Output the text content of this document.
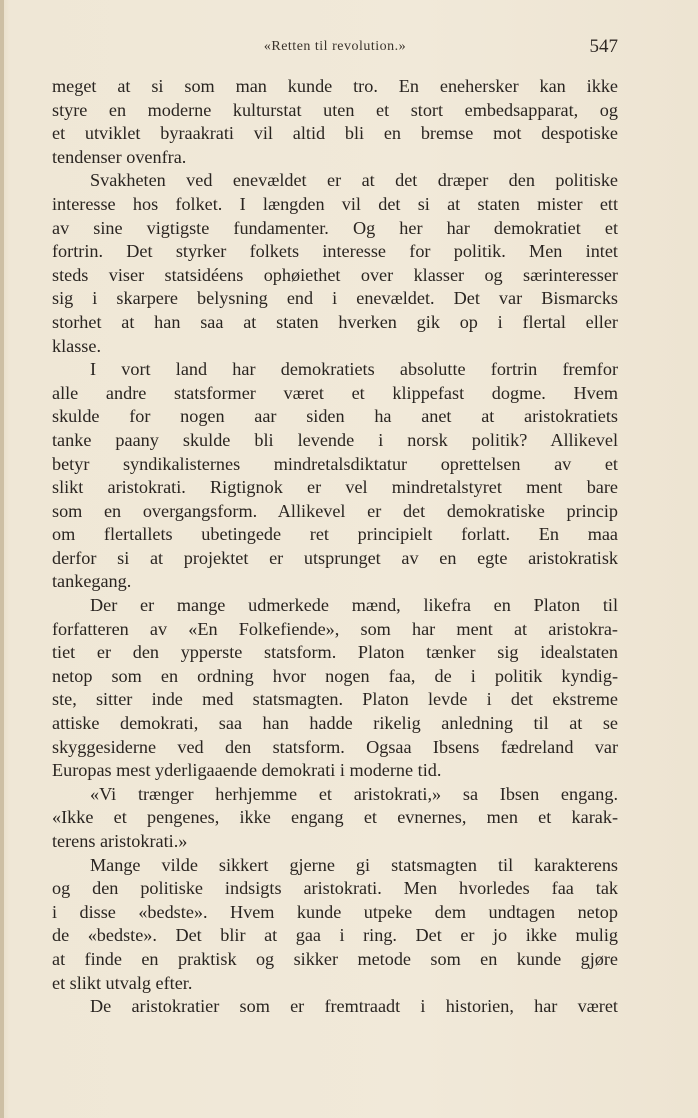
«Retten til revolution.»	547
meget at si som man kunde tro. En enehersker kan ikke
styre en moderne kulturstat uten et stort embedsapparat, og
et utviklet byraakrati vil altid bli en bremse mot despotiske
tendenser ovenfra.
Svakheten ved enevældet er at det dræper den politiske
interesse hos folket. I længden vil det si at staten mister ett
av sine vigtigste fundamenter. Og her har demokratiet et
fortrin. Det styrker folkets interesse for politik. Men intet
steds viser statsidéens ophøiethet over klasser og særinteresser
sig i skarpere belysning end i enevældet. Det var Bismarcks
storhet at han saa at staten hverken gik op i flertal eller
klasse.
I vort land har demokratiets absolutte fortrin fremfor
alle andre statsformer været et klippefast dogme. Hvem
skulde for nogen aar siden ha anet at aristokratiets
tanke paany skulde bli levende i norsk politik? Allikevel
betyr syndikalisternes mindretalsdiktatur oprettelsen av et
slikt aristokrati. Rigtignok er vel mindretalstyret ment bare
som en overgangsform. Allikevel er det demokratiske princip
om flertallets ubetingede ret principielt forlatt. En maa
derfor si at projektet er utsprunget av en egte aristokratisk
tankegang.
Der er mange udmerkede mænd, likefra en Platon til
forfatteren av «En Folkefiende», som har ment at aristokra-
tiet er den ypperste statsform. Platon tænker sig idealstaten
netop som en ordning hvor nogen faa, de i politik kyndig-
ste, sitter inde med statsmagten. Platon levde i det ekstreme
attiske demokrati, saa han hadde rikelig anledning til at se
skyggesiderne ved den statsform. Ogsaa Ibsens fædreland var
Europas mest yderligaaende demokrati i moderne tid.
«Vi trænger herhjemme et aristokrati,» sa Ibsen engang.
«Ikke et pengenes, ikke engang et evnernes, men et karak-
terens aristokrati.»
Mange vilde sikkert gjerne gi statsmagten til karakterens
og den politiske indsigts aristokrati. Men hvorledes faa tak
i disse «bedste». Hvem kunde utpeke dem undtagen netop
de «bedste». Det blir at gaa i ring. Det er jo ikke mulig
at finde en praktisk og sikker metode som en kunde gjøre
et slikt utvalg efter.
De aristokratier som er fremtraadt i historien, har været
